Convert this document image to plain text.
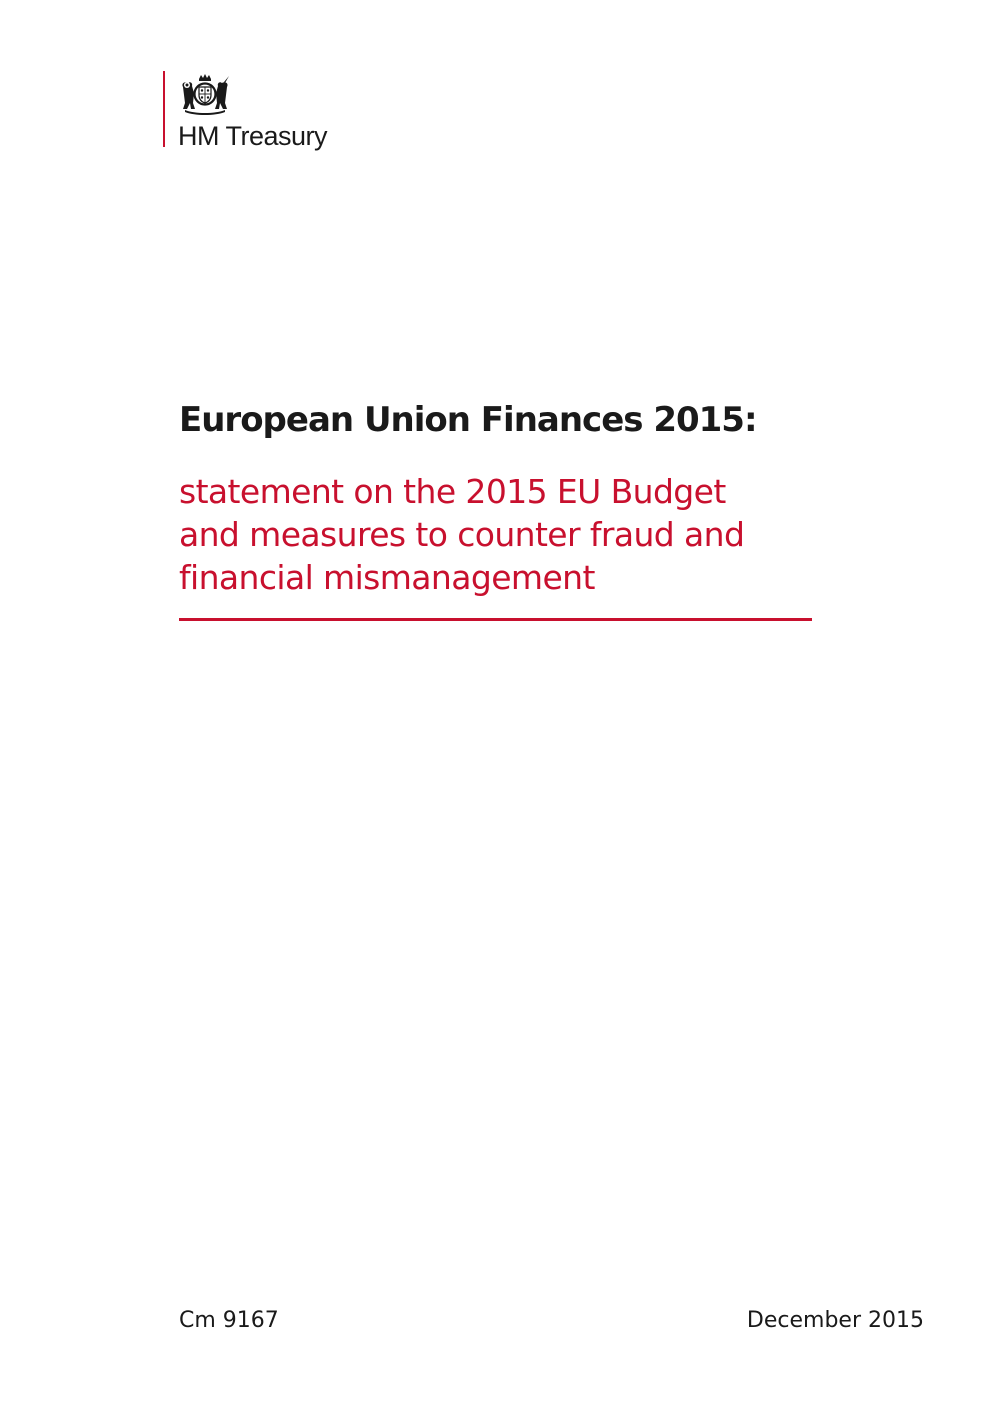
HM Treasury
European Union Finances 2015:
statement on the 2015 EU Budget
and measures to counter fraud and
financial mismanagement
Cm 9167	December 2015
